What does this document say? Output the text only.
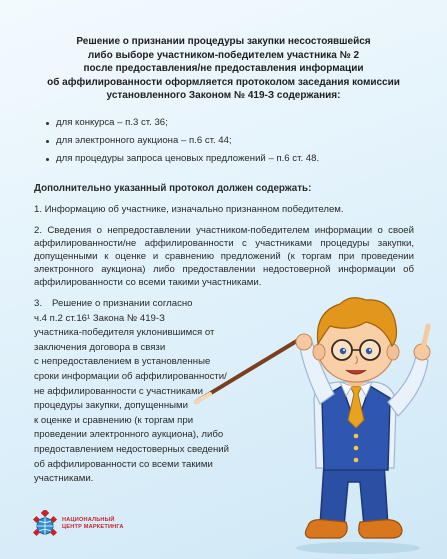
Решение о признании процедуры закупки несостоявшейся
либо выборе участником-победителем участника № 2
после предоставления/не предоставления информации
об аффилированности оформляется протоколом заседания комиссии
установленного Законом № 419-З содержания:
для конкурса – п.3 ст. 36;
для электронного аукциона – п.6 ст. 44;
для процедуры запроса ценовых предложений – п.6 ст. 48.
Дополнительно указанный протокол должен содержать:
1. Информацию об участнике, изначально признанном победителем.
2. Сведения о непредоставлении участником-победителем информации о своей аффилированности/не аффилированности с участниками процедуры закупки, допущенными к оценке и сравнению предложений (к торгам при проведении электронного аукциона) либо предоставлении недостоверной информации об аффилированности со всеми такими участниками.
3. Решение о признании согласно
ч.4 п.2 ст.16¹ Закона № 419-З
участника-победителя уклонившимся от
заключения договора в связи
с непредоставлением в установленные
сроки информации об аффилированности/
не аффилированности с участниками
процедуры закупки, допущенными
к оценке и сравнению (к торгам при
проведении электронного аукциона), либо
предоставлением недостоверных сведений
об аффилированности со всеми такими
участниками.
НАЦИОНАЛЬНЫЙ
ЦЕНТР МАРКЕТИНГА
